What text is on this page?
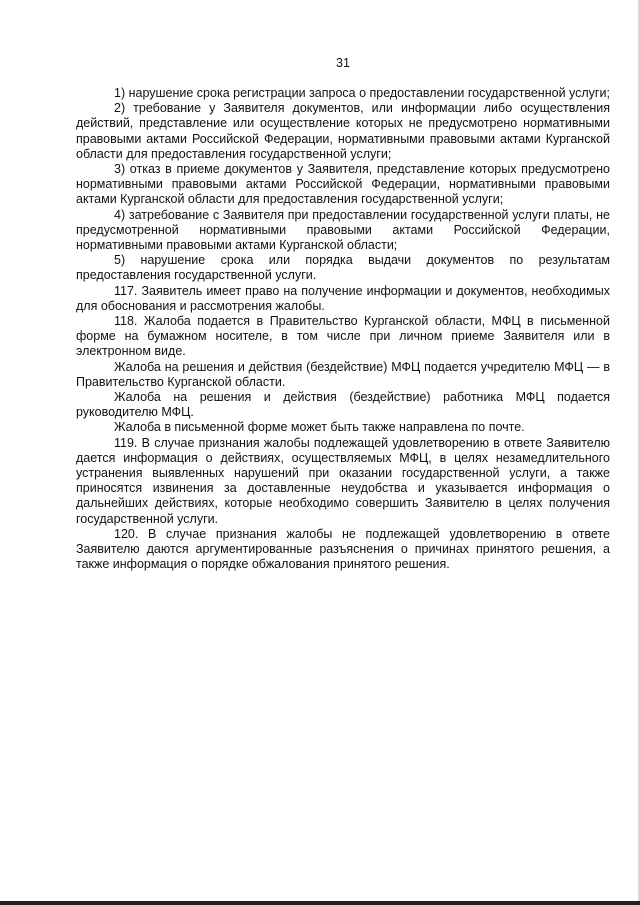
31

1) нарушение срока регистрации запроса о предоставлении государственной услуги;

2) требование у Заявителя документов, или информации либо осуществления действий, представление или осуществление которых не предусмотрено нормативными правовыми актами Российской Федерации, нормативными правовыми актами Курганской области для предоставления государственной услуги;

3) отказ в приеме документов у Заявителя, представление которых предусмотрено нормативными правовыми актами Российской Федерации, нормативными правовыми актами Курганской области для предоставления государственной услуги;

4) затребование с Заявителя при предоставлении государственной услуги платы, не предусмотренной нормативными правовыми актами Российской Федерации, нормативными правовыми актами Курганской области;

5) нарушение срока или порядка выдачи документов по результатам предоставления государственной услуги.

117. Заявитель имеет право на получение информации и документов, необходимых для обоснования и рассмотрения жалобы.

118. Жалоба подается в Правительство Курганской области, МФЦ в письменной форме на бумажном носителе, в том числе при личном приеме Заявителя или в электронном виде.

Жалоба на решения и действия (бездействие) МФЦ подается учредителю МФЦ — в Правительство Курганской области.

Жалоба на решения и действия (бездействие) работника МФЦ подается руководителю МФЦ.

Жалоба в письменной форме может быть также направлена по почте.

119. В случае признания жалобы подлежащей удовлетворению в ответе Заявителю дается информация о действиях, осуществляемых МФЦ, в целях незамедлительного устранения выявленных нарушений при оказании государственной услуги, а также приносятся извинения за доставленные неудобства и указывается информация о дальнейших действиях, которые необходимо совершить Заявителю в целях получения государственной услуги.

120. В случае признания жалобы не подлежащей удовлетворению в ответе Заявителю даются аргументированные разъяснения о причинах принятого решения, а также информация о порядке обжалования принятого решения.
